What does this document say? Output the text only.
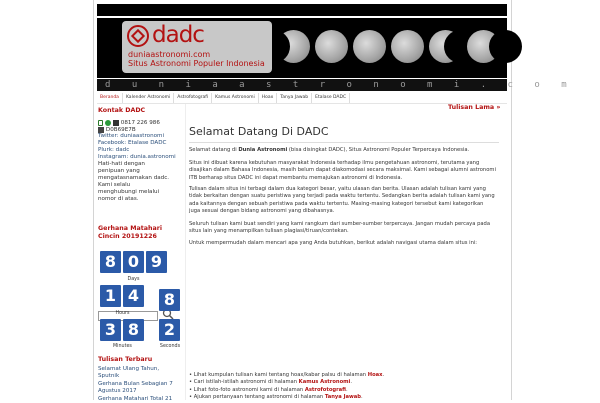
dadc
duniaastronomi.com
Situs Astronomi Populer Indonesia
d u n i a a s t r o n o m i . c o m
Beranda	Kalender Astronomi	Astrofotografi	Kamus Astronomi	Hoax	Tanya Jawab	Etalase DADC
Kontak DADC
0817 226 986
D0B69E7B
Twitter: duniaastronomi
Facebook: Etalase DADC
Plurk: dadc
Instagram: dunia.astronomi
Hati-hati dengan penipuan yang mengatasnamakan dadc. Kami selalu menghubungi melalui nomor di atas.
Gerhana Matahari Cincin 20191226
8 0 9
Days
1 4	8
Hours
3 8	2
Minutes	Seconds
Tulisan Terbaru
Selamat Ulang Tahun, Sputnik
Gerhana Bulan Sebagian 7 Agustus 2017
Gerhana Matahari Total 21
Tulisan Lama »
Selamat Datang Di DADC
Selamat datang di Dunia Astronomi (bisa disingkat DADC), Situs Astronomi Populer Terpercaya Indonesia.
Situs ini dibuat karena kebutuhan masyarakat Indonesia terhadap ilmu pengetahuan astronomi, terutama yang disajikan dalam Bahasa Indonesia, masih belum dapat diakomodasi secara maksimal. Kami sebagai alumni astronomi ITB berharap situs DADC ini dapat membantu memajukan astronomi di Indonesia.
Tulisan dalam situs ini terbagi dalam dua kategori besar, yaitu ulasan dan berita. Ulasan adalah tulisan kami yang tidak berkaitan dengan suatu peristiwa yang terjadi pada waktu tertentu. Sedangkan berita adalah tulisan kami yang ada kaitannya dengan sebuah peristiwa pada waktu tertentu. Masing-masing kategori tersebut kami kategorikan juga sesuai dengan bidang astronomi yang dibahasnya.
Seluruh tulisan kami buat sendiri yang kami rangkum dari sumber-sumber terpercaya. Jangan mudah percaya pada situs lain yang menampilkan tulisan plagiasi/tiruan/contekan.
Untuk mempermudah dalam mencari apa yang Anda butuhkan, berikut adalah navigasi utama dalam situs ini:
• Lihat kumpulan tulisan kami tentang hoax/kabar palsu di halaman Hoax.
• Cari istilah-istilah astronomi di halaman Kamus Astronomi.
• Lihat foto-foto astronomi kami di halaman Astrofotografi.
• Ajukan pertanyaan tentang astronomi di halaman Tanya Jawab.
